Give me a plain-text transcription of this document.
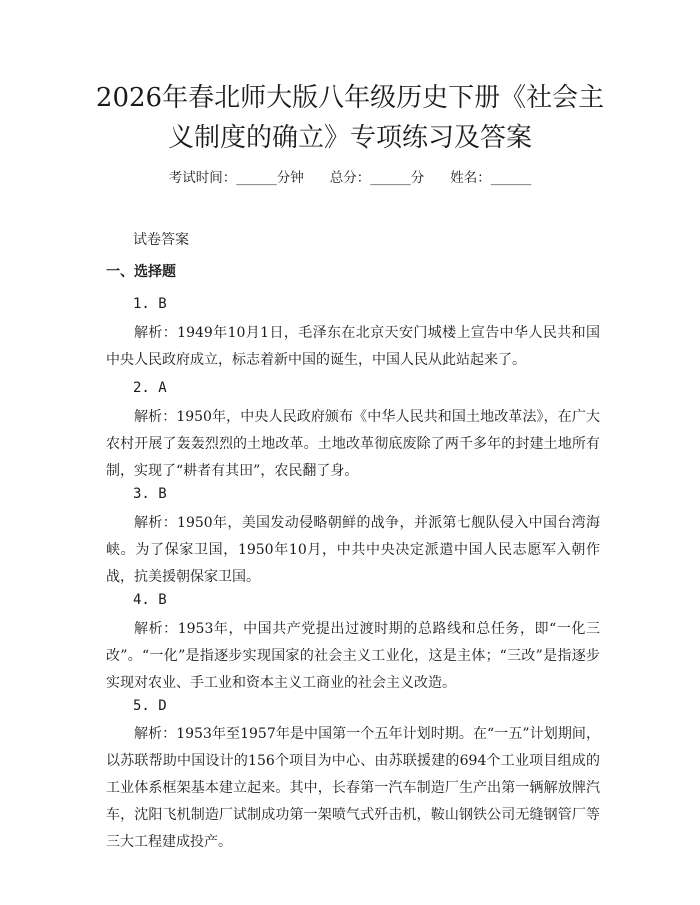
2026年春北师大版八年级历史下册《社会主义制度的确立》专项练习及答案
考试时间：______分钟 总分：______分 姓名：______
试卷答案
一、选择题
1. B

解析：1949年10月1日，毛泽东在北京天安门城楼上宣告中华人民共和国中央人民政府成立，标志着新中国的诞生，中国人民从此站起来了。

2. A

解析：1950年，中央人民政府颁布《中华人民共和国土地改革法》，在广大农村开展了轰轰烈烈的土地改革。土地改革彻底废除了两千多年的封建土地所有制，实现了“耕者有其田”，农民翻了身。

3. B

解析：1950年，美国发动侵略朝鲜的战争，并派第七舰队侵入中国台湾海峡。为了保家卫国，1950年10月，中共中央决定派遣中国人民志愿军入朝作战，抗美援朝保家卫国。

4. B

解析：1953年，中国共产党提出过渡时期的总路线和总任务，即“一化三改”。“一化”是指逐步实现国家的社会主义工业化，这是主体；“三改”是指逐步实现对农业、手工业和资本主义工商业的社会主义改造。

5. D

解析：1953年至1957年是中国第一个五年计划时期。在“一五”计划期间，以苏联帮助中国设计的156个项目为中心、由苏联援建的694个工业项目组成的工业体系框架基本建立起来。其中，长春第一汽车制造厂生产出第一辆解放牌汽车，沈阳飞机制造厂试制成功第一架喷气式歼击机，鞍山钢铁公司无缝钢管厂等三大工程建成投产。
